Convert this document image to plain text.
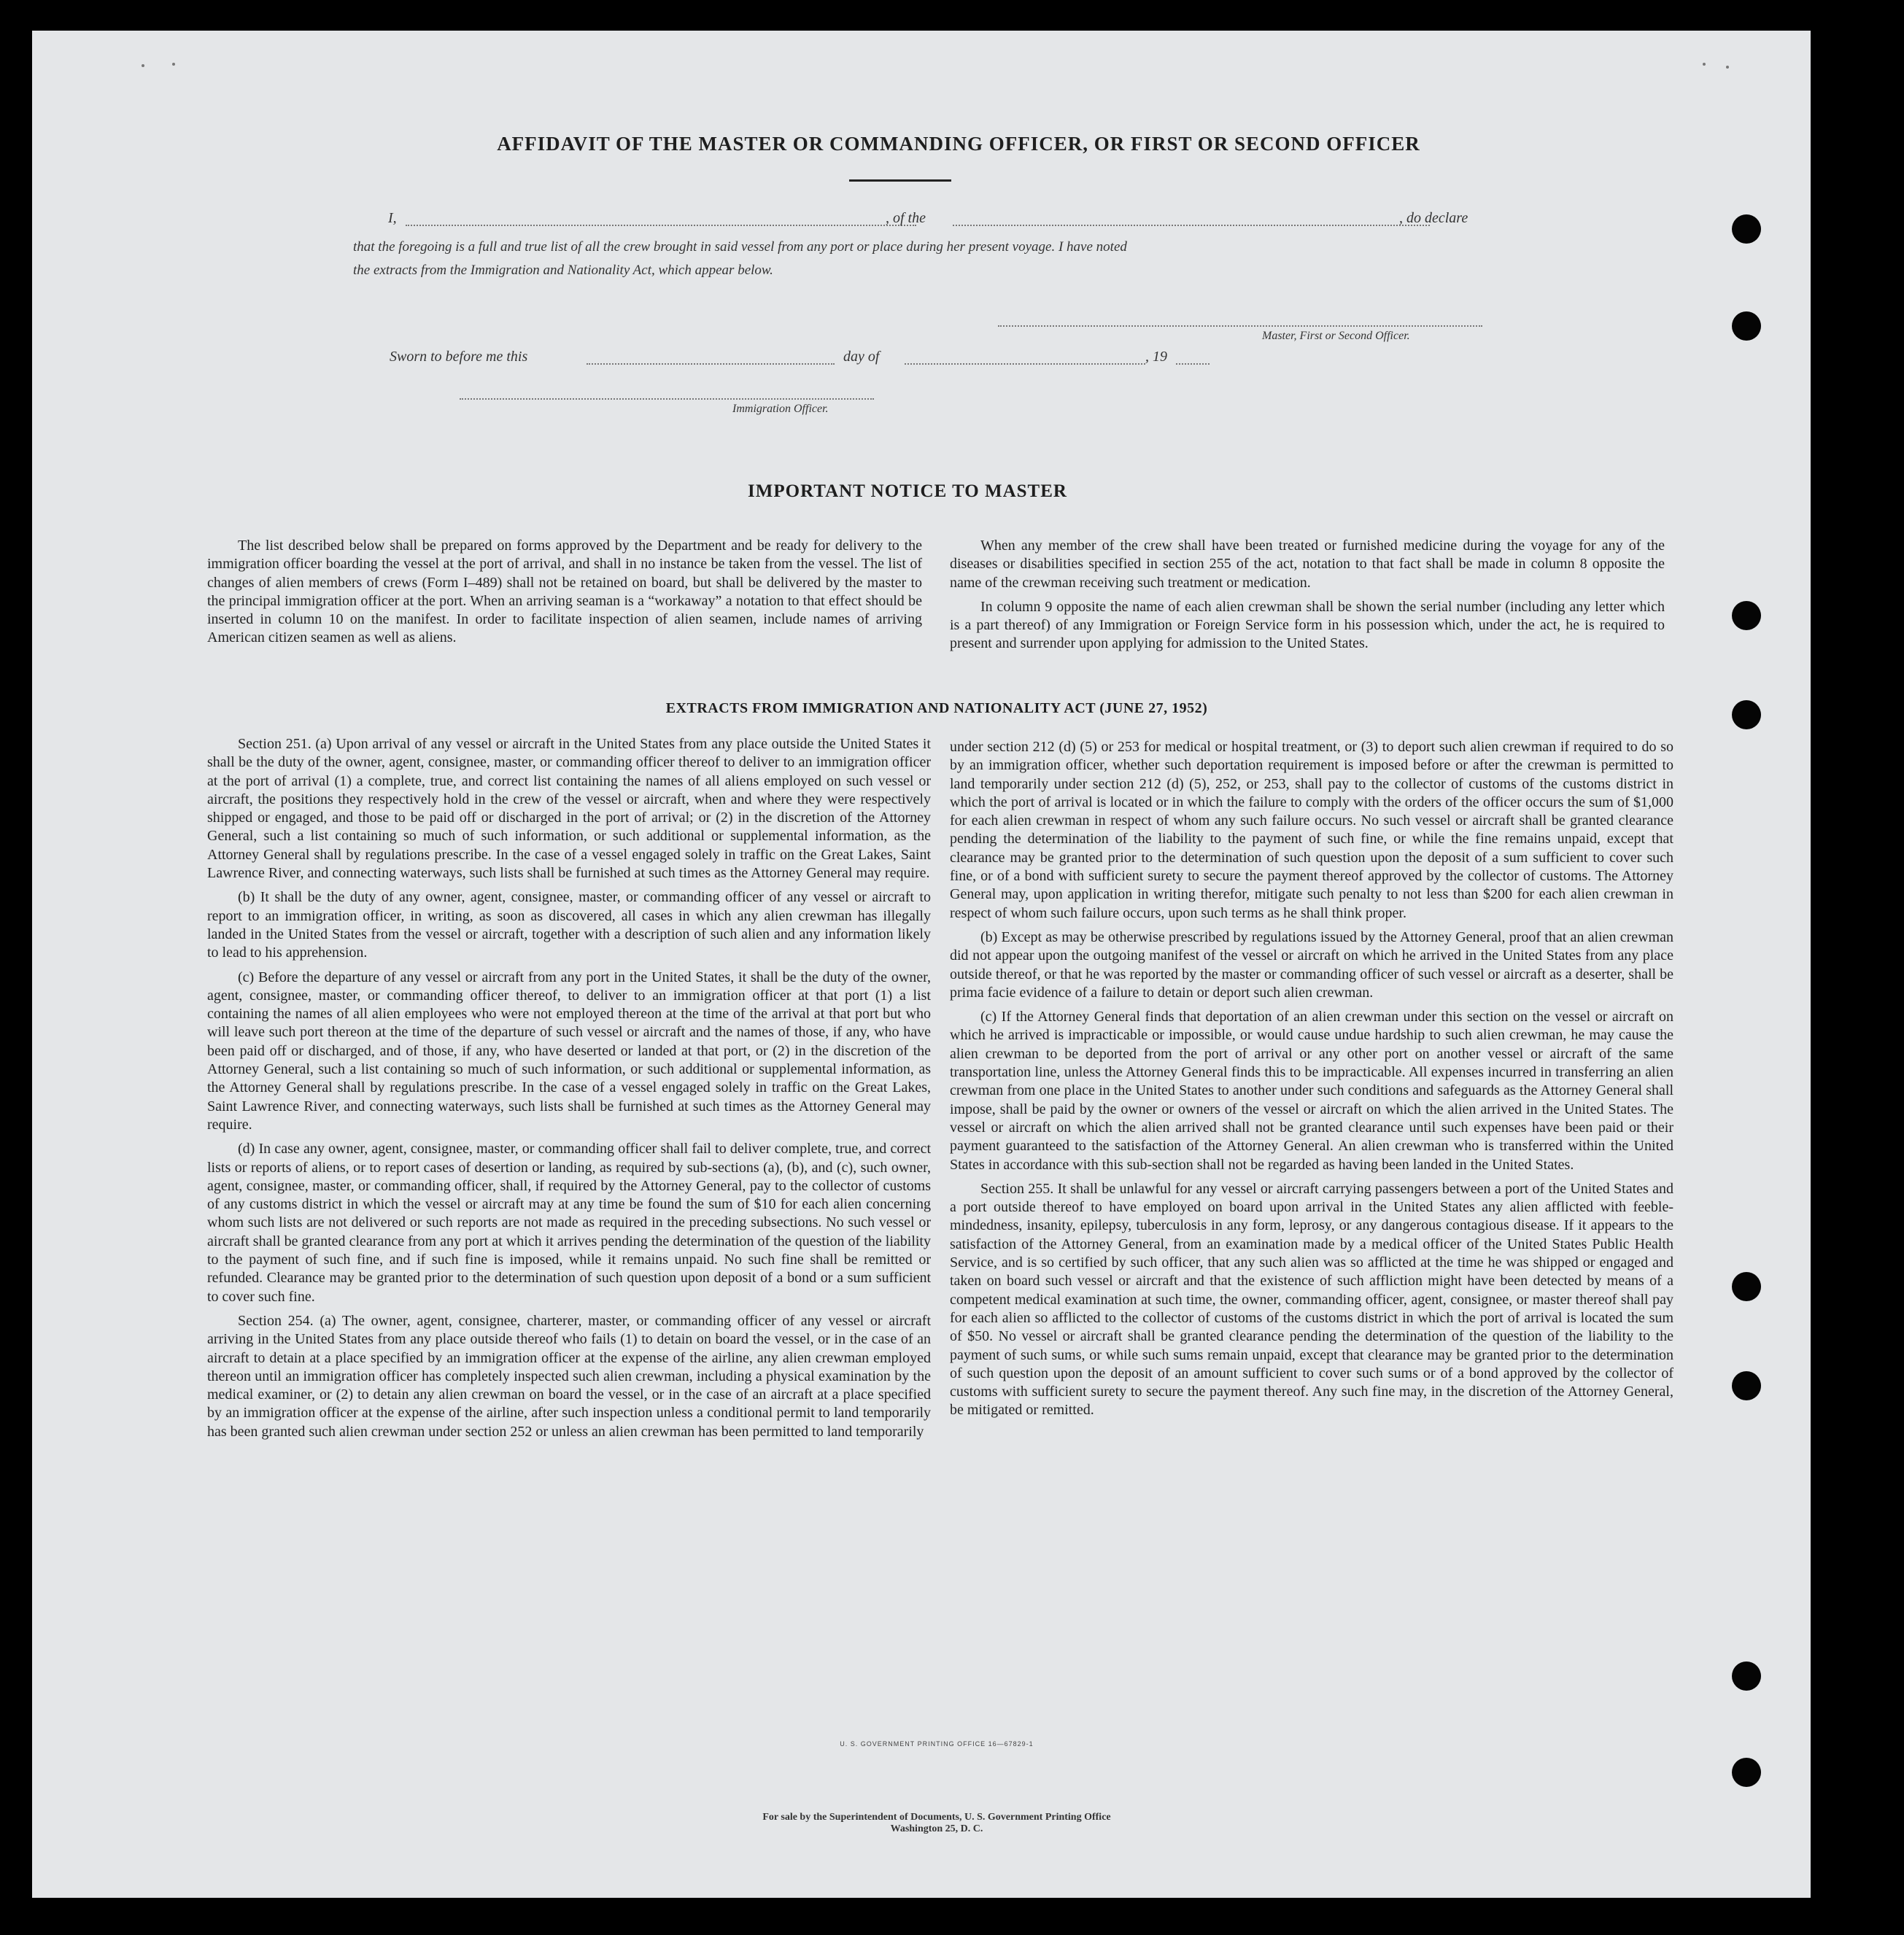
AFFIDAVIT OF THE MASTER OR COMMANDING OFFICER, OR FIRST OR SECOND OFFICER
I,	, of the	, do declare
that the foregoing is a full and true list of all the crew brought in said vessel from any port or place during her present voyage. I have noted
the extracts from the Immigration and Nationality Act, which appear below.
Master, First or Second Officer.
Sworn to before me this	day of	, 19
Immigration Officer.
IMPORTANT NOTICE TO MASTER

The list described below shall be prepared on forms approved by the Department and be ready for delivery to the immigration officer boarding the vessel at the port of arrival, and shall in no instance be taken from the vessel. The list of changes of alien members of crews (Form I–489) shall not be retained on board, but shall be delivered by the master to the principal immigration officer at the port. When an arriving seaman is a “workaway” a notation to that effect should be inserted in column 10 on the manifest. In order to facilitate inspection of alien seamen, include names of arriving American citizen seamen as well as aliens.

When any member of the crew shall have been treated or furnished medicine during the voyage for any of the diseases or disabilities specified in section 255 of the act, notation to that fact shall be made in column 8 opposite the name of the crewman receiving such treatment or medication.

In column 9 opposite the name of each alien crewman shall be shown the serial number (including any letter which is a part thereof) of any Immigration or Foreign Service form in his possession which, under the act, he is required to present and surrender upon applying for admission to the United States.

EXTRACTS FROM IMMIGRATION AND NATIONALITY ACT (JUNE 27, 1952)

Section 251. (a) Upon arrival of any vessel or aircraft in the United States from any place outside the United States it shall be the duty of the owner, agent, consignee, master, or commanding officer thereof to deliver to an immigration officer at the port of arrival (1) a complete, true, and correct list containing the names of all aliens employed on such vessel or aircraft, the positions they respectively hold in the crew of the vessel or aircraft, when and where they were respectively shipped or engaged, and those to be paid off or discharged in the port of arrival; or (2) in the discretion of the Attorney General, such a list containing so much of such information, or such additional or supplemental information, as the Attorney General shall by regulations prescribe. In the case of a vessel engaged solely in traffic on the Great Lakes, Saint Lawrence River, and connecting waterways, such lists shall be furnished at such times as the Attorney General may require.

(b) It shall be the duty of any owner, agent, consignee, master, or commanding officer of any vessel or aircraft to report to an immigration officer, in writing, as soon as discovered, all cases in which any alien crewman has illegally landed in the United States from the vessel or aircraft, together with a description of such alien and any information likely to lead to his apprehension.

(c) Before the departure of any vessel or aircraft from any port in the United States, it shall be the duty of the owner, agent, consignee, master, or commanding officer thereof, to deliver to an immigration officer at that port (1) a list containing the names of all alien employees who were not employed thereon at the time of the arrival at that port but who will leave such port thereon at the time of the departure of such vessel or aircraft and the names of those, if any, who have been paid off or discharged, and of those, if any, who have deserted or landed at that port, or (2) in the discretion of the Attorney General, such a list containing so much of such information, or such additional or supplemental information, as the Attorney General shall by regulations prescribe. In the case of a vessel engaged solely in traffic on the Great Lakes, Saint Lawrence River, and connecting waterways, such lists shall be furnished at such times as the Attorney General may require.

(d) In case any owner, agent, consignee, master, or commanding officer shall fail to deliver complete, true, and correct lists or reports of aliens, or to report cases of desertion or landing, as required by sub-sections (a), (b), and (c), such owner, agent, consignee, master, or commanding officer, shall, if required by the Attorney General, pay to the collector of customs of any customs district in which the vessel or aircraft may at any time be found the sum of $10 for each alien concerning whom such lists are not delivered or such reports are not made as required in the preceding subsections. No such vessel or aircraft shall be granted clearance from any port at which it arrives pending the determination of the question of the liability to the payment of such fine, and if such fine is imposed, while it remains unpaid. No such fine shall be remitted or refunded. Clearance may be granted prior to the determination of such question upon deposit of a bond or a sum sufficient to cover such fine.

Section 254. (a) The owner, agent, consignee, charterer, master, or commanding officer of any vessel or aircraft arriving in the United States from any place outside thereof who fails (1) to detain on board the vessel, or in the case of an aircraft to detain at a place specified by an immigration officer at the expense of the airline, any alien crewman employed thereon until an immigration officer has completely inspected such alien crewman, including a physical examination by the medical examiner, or (2) to detain any alien crewman on board the vessel, or in the case of an aircraft at a place specified by an immigration officer at the expense of the airline, after such inspection unless a conditional permit to land temporarily has been granted such alien crewman under section 252 or unless an alien crewman has been permitted to land temporarily

under section 212 (d) (5) or 253 for medical or hospital treatment, or (3) to deport such alien crewman if required to do so by an immigration officer, whether such deportation requirement is imposed before or after the crewman is permitted to land temporarily under section 212 (d) (5), 252, or 253, shall pay to the collector of customs of the customs district in which the port of arrival is located or in which the failure to comply with the orders of the officer occurs the sum of $1,000 for each alien crewman in respect of whom any such failure occurs. No such vessel or aircraft shall be granted clearance pending the determination of the liability to the payment of such fine, or while the fine remains unpaid, except that clearance may be granted prior to the determination of such question upon the deposit of a sum sufficient to cover such fine, or of a bond with sufficient surety to secure the payment thereof approved by the collector of customs. The Attorney General may, upon application in writing therefor, mitigate such penalty to not less than $200 for each alien crewman in respect of whom such failure occurs, upon such terms as he shall think proper.

(b) Except as may be otherwise prescribed by regulations issued by the Attorney General, proof that an alien crewman did not appear upon the outgoing manifest of the vessel or aircraft on which he arrived in the United States from any place outside thereof, or that he was reported by the master or commanding officer of such vessel or aircraft as a deserter, shall be prima facie evidence of a failure to detain or deport such alien crewman.

(c) If the Attorney General finds that deportation of an alien crewman under this section on the vessel or aircraft on which he arrived is impracticable or impossible, or would cause undue hardship to such alien crewman, he may cause the alien crewman to be deported from the port of arrival or any other port on another vessel or aircraft of the same transportation line, unless the Attorney General finds this to be impracticable. All expenses incurred in transferring an alien crewman from one place in the United States to another under such conditions and safeguards as the Attorney General shall impose, shall be paid by the owner or owners of the vessel or aircraft on which the alien arrived in the United States. The vessel or aircraft on which the alien arrived shall not be granted clearance until such expenses have been paid or their payment guaranteed to the satisfaction of the Attorney General. An alien crewman who is transferred within the United States in accordance with this sub-section shall not be regarded as having been landed in the United States.

Section 255. It shall be unlawful for any vessel or aircraft carrying passengers between a port of the United States and a port outside thereof to have employed on board upon arrival in the United States any alien afflicted with feeble-mindedness, insanity, epilepsy, tuberculosis in any form, leprosy, or any dangerous contagious disease. If it appears to the satisfaction of the Attorney General, from an examination made by a medical officer of the United States Public Health Service, and is so certified by such officer, that any such alien was so afflicted at the time he was shipped or engaged and taken on board such vessel or aircraft and that the existence of such affliction might have been detected by means of a competent medical examination at such time, the owner, commanding officer, agent, consignee, or master thereof shall pay for each alien so afflicted to the collector of customs of the customs district in which the port of arrival is located the sum of $50. No vessel or aircraft shall be granted clearance pending the determination of the question of the liability to the payment of such sums, or while such sums remain unpaid, except that clearance may be granted prior to the determination of such question upon the deposit of an amount sufficient to cover such sums or of a bond approved by the collector of customs with sufficient surety to secure the payment thereof. Any such fine may, in the discretion of the Attorney General, be mitigated or remitted.

U. S. GOVERNMENT PRINTING OFFICE 16—67829-1
For sale by the Superintendent of Documents, U. S. Government Printing Office
Washington 25, D. C.
